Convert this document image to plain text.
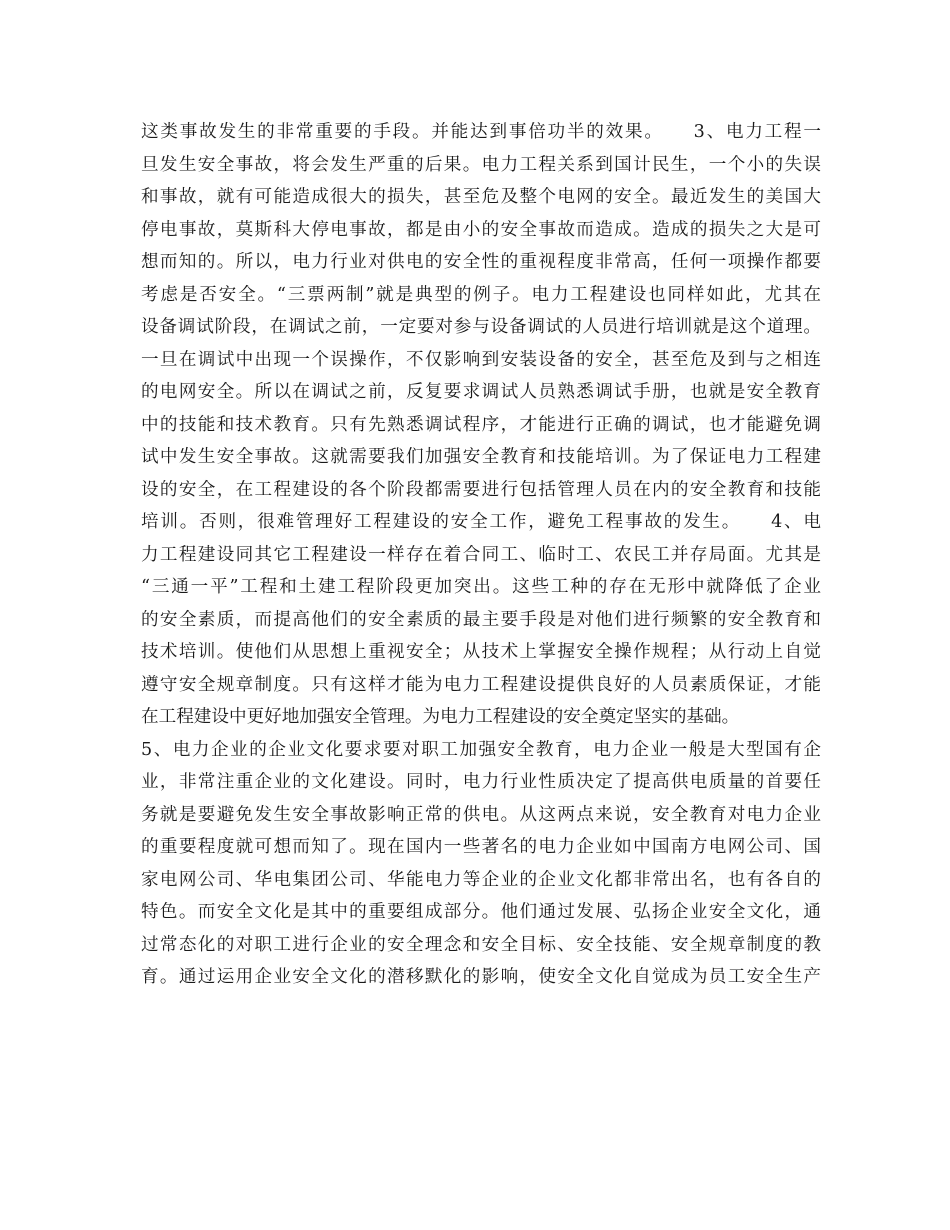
这类事故发生的非常重要的手段。并能达到事倍功半的效果。　　3、电力工程一
旦发生安全事故，将会发生严重的后果。电力工程关系到国计民生，一个小的失误
和事故，就有可能造成很大的损失，甚至危及整个电网的安全。最近发生的美国大
停电事故，莫斯科大停电事故，都是由小的安全事故而造成。造成的损失之大是可
想而知的。所以，电力行业对供电的安全性的重视程度非常高，任何一项操作都要
考虑是否安全。“三票两制”就是典型的例子。电力工程建设也同样如此，尤其在
设备调试阶段，在调试之前，一定要对参与设备调试的人员进行培训就是这个道理。
一旦在调试中出现一个误操作，不仅影响到安装设备的安全，甚至危及到与之相连
的电网安全。所以在调试之前，反复要求调试人员熟悉调试手册，也就是安全教育
中的技能和技术教育。只有先熟悉调试程序，才能进行正确的调试，也才能避免调
试中发生安全事故。这就需要我们加强安全教育和技能培训。为了保证电力工程建
设的安全，在工程建设的各个阶段都需要进行包括管理人员在内的安全教育和技能
培训。否则，很难管理好工程建设的安全工作，避免工程事故的发生。　　4、电
力工程建设同其它工程建设一样存在着合同工、临时工、农民工并存局面。尤其是
“三通一平”工程和土建工程阶段更加突出。这些工种的存在无形中就降低了企业
的安全素质，而提高他们的安全素质的最主要手段是对他们进行频繁的安全教育和
技术培训。使他们从思想上重视安全；从技术上掌握安全操作规程；从行动上自觉
遵守安全规章制度。只有这样才能为电力工程建设提供良好的人员素质保证，才能
在工程建设中更好地加强安全管理。为电力工程建设的安全奠定坚实的基础。
5、电力企业的企业文化要求要对职工加强安全教育，电力企业一般是大型国有企
业，非常注重企业的文化建设。同时，电力行业性质决定了提高供电质量的首要任
务就是要避免发生安全事故影响正常的供电。从这两点来说，安全教育对电力企业
的重要程度就可想而知了。现在国内一些著名的电力企业如中国南方电网公司、国
家电网公司、华电集团公司、华能电力等企业的企业文化都非常出名，也有各自的
特色。而安全文化是其中的重要组成部分。他们通过发展、弘扬企业安全文化，通
过常态化的对职工进行企业的安全理念和安全目标、安全技能、安全规章制度的教
育。通过运用企业安全文化的潜移默化的影响，使安全文化自觉成为员工安全生产
